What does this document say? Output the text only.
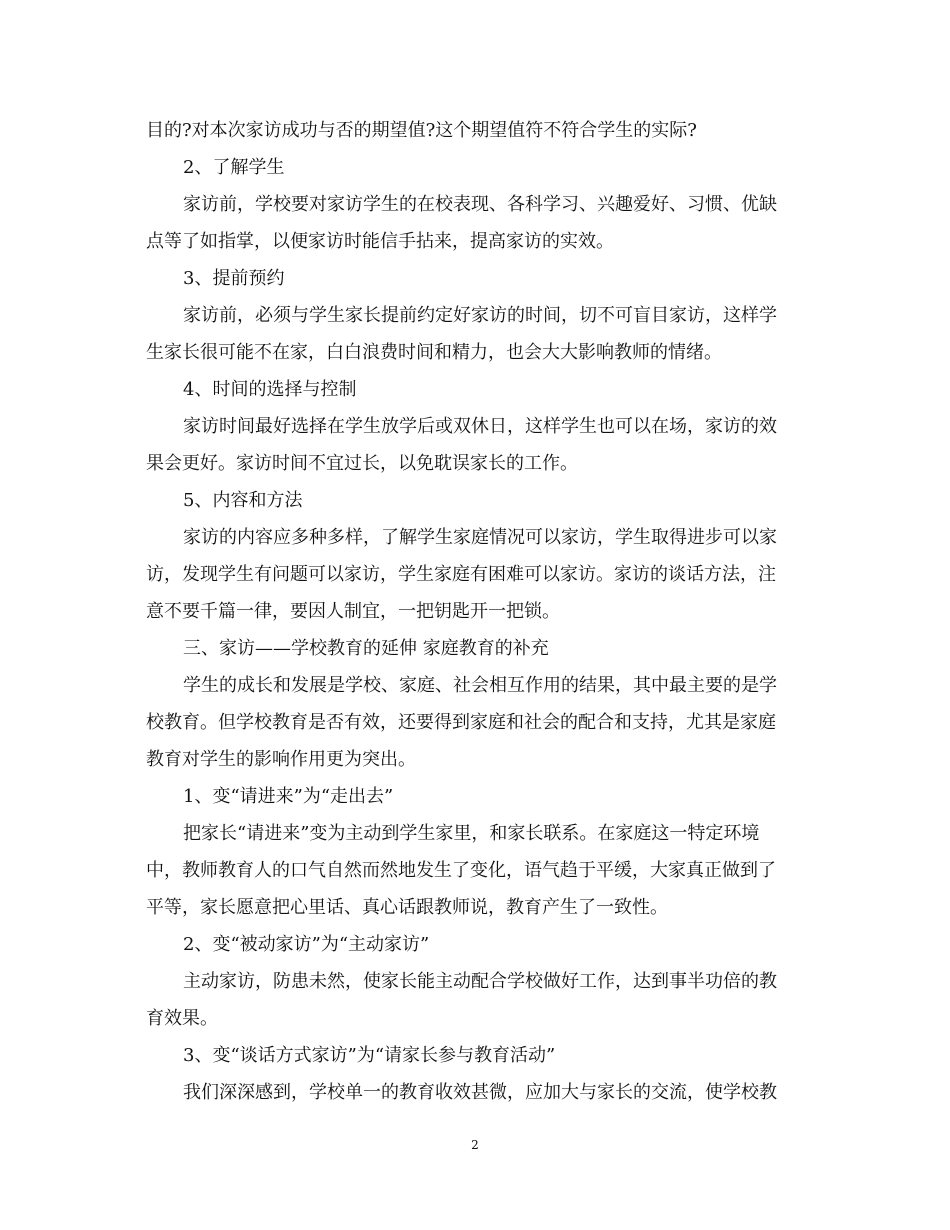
目的?对本次家访成功与否的期望值?这个期望值符不符合学生的实际?
2、了解学生
家访前，学校要对家访学生的在校表现、各科学习、兴趣爱好、习惯、优缺
点等了如指掌，以便家访时能信手拈来，提高家访的实效。
3、提前预约
家访前，必须与学生家长提前约定好家访的时间，切不可盲目家访，这样学
生家长很可能不在家，白白浪费时间和精力，也会大大影响教师的情绪。
4、时间的选择与控制
家访时间最好选择在学生放学后或双休日，这样学生也可以在场，家访的效
果会更好。家访时间不宜过长，以免耽误家长的工作。
5、内容和方法
家访的内容应多种多样，了解学生家庭情况可以家访，学生取得进步可以家
访，发现学生有问题可以家访，学生家庭有困难可以家访。家访的谈话方法，注
意不要千篇一律，要因人制宜，一把钥匙开一把锁。
三、家访——学校教育的延伸 家庭教育的补充
学生的成长和发展是学校、家庭、社会相互作用的结果，其中最主要的是学
校教育。但学校教育是否有效，还要得到家庭和社会的配合和支持，尤其是家庭
教育对学生的影响作用更为突出。
1、变“请进来”为“走出去”
把家长“请进来”变为主动到学生家里，和家长联系。在家庭这一特定环境
中，教师教育人的口气自然而然地发生了变化，语气趋于平缓，大家真正做到了
平等，家长愿意把心里话、真心话跟教师说，教育产生了一致性。
2、变“被动家访”为“主动家访”
主动家访，防患未然，使家长能主动配合学校做好工作，达到事半功倍的教
育效果。
3、变“谈话方式家访”为“请家长参与教育活动”
我们深深感到，学校单一的教育收效甚微，应加大与家长的交流，使学校教
2
